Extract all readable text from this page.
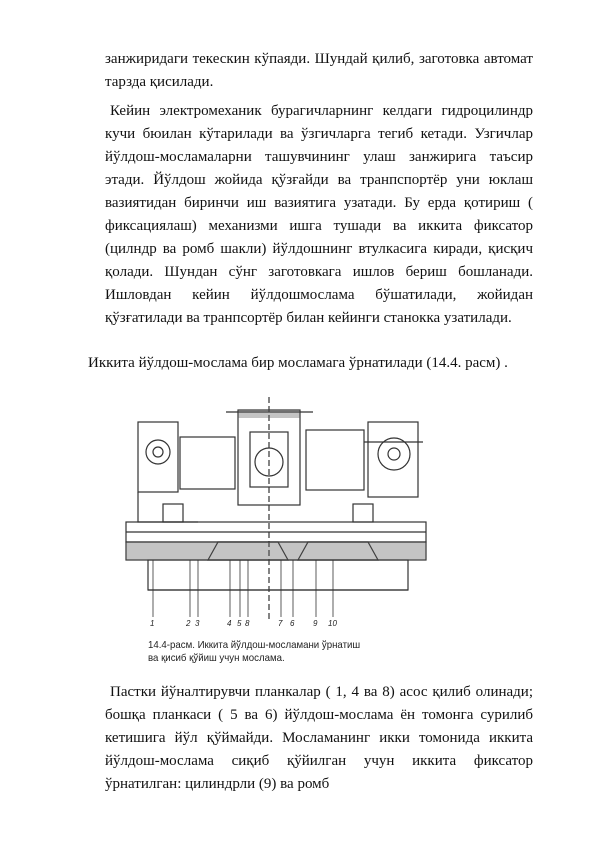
занжиридаги текескин кўпаяди. Шундай қилиб, заготовка автомат тарзда қисилади.

Кейин электромеханик бурагичларнинг келдаги гидроцилиндр кучи бюилан кўтарилади ва ўзгичларга тегиб кетади. Узгичлар йўлдош-мосламаларни ташувчининг улаш занжирига таъсир этади. Йўлдош жойида қўзғайди ва транпспортёр уни юклаш вазиятидан биринчи иш вазиятига узатади. Бу ерда қотириш ( фиксациялаш) механизми ишга тушади ва иккита фиксатор (цилндр ва ромб шакли) йўлдошнинг втулкасига киради, қисқич қолади. Шундан сўнг заготовкага ишлов бериш бошланади. Ишловдан кейин йўлдошмослама бўшатилади, жойидан қўзғатилади ва транпсортёр билан кейинги станокка узатилади.

Иккита йўлдош-мослама бир мосламага ўрнатилади (14.4. расм) .

1	2 3	4 5 8	7 6 9 10
14.4-расм. Иккита йўлдош-мосламани ўрнатиш
ва қисиб қўйиш учун мослама.

Пастки йўналтирувчи планкалар ( 1, 4 ва 8) асос қилиб олинади; бошқа планкаси ( 5 ва 6) йўлдош-мослама ён томонга сурилиб кетишига йўл қўймайди. Мосламанинг икки томонида иккита йўлдош-мослама сиқиб қўйилган учун иккита фиксатор ўрнатилган: цилиндрли (9) ва ромб
